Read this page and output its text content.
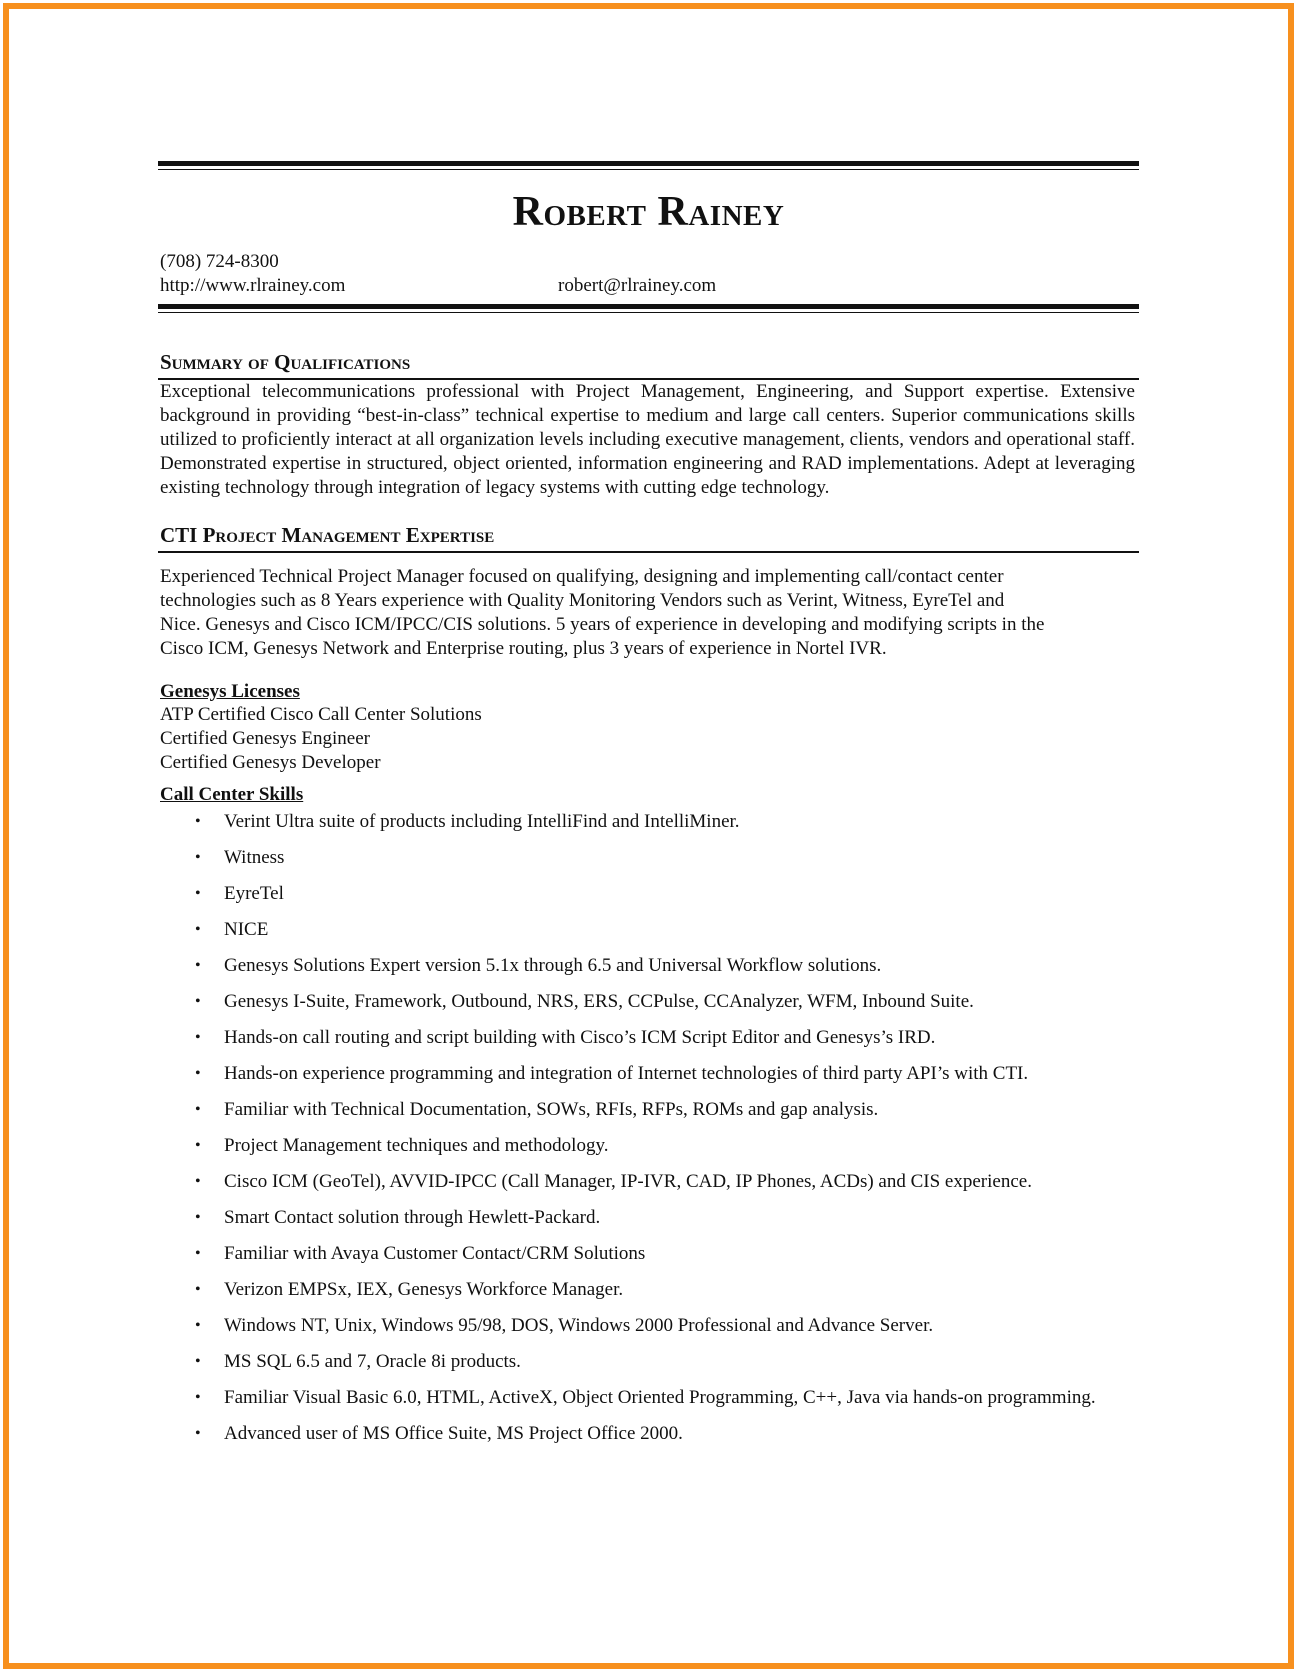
Robert Rainey
(708) 724-8300
http://www.rlrainey.com	robert@rlrainey.com
Summary of Qualifications
Exceptional telecommunications professional with Project Management, Engineering, and Support expertise. Extensive background in providing “best-in-class” technical expertise to medium and large call centers. Superior communications skills utilized to proficiently interact at all organization levels including executive management, clients, vendors and operational staff. Demonstrated expertise in structured, object oriented, information engineering and RAD implementations. Adept at leveraging existing technology through integration of legacy systems with cutting edge technology.
CTI Project Management Expertise
Experienced Technical Project Manager focused on qualifying, designing and implementing call/contact center
technologies such as 8 Years experience with Quality Monitoring Vendors such as Verint, Witness, EyreTel and
Nice. Genesys and Cisco ICM/IPCC/CIS solutions. 5 years of experience in developing and modifying scripts in the
Cisco ICM, Genesys Network and Enterprise routing, plus 3 years of experience in Nortel IVR.
Genesys Licenses
ATP Certified Cisco Call Center Solutions
Certified Genesys Engineer
Certified Genesys Developer
Call Center Skills
• Verint Ultra suite of products including IntelliFind and IntelliMiner.
• Witness
• EyreTel
• NICE
• Genesys Solutions Expert version 5.1x through 6.5 and Universal Workflow solutions.
• Genesys I-Suite, Framework, Outbound, NRS, ERS, CCPulse, CCAnalyzer, WFM, Inbound Suite.
• Hands-on call routing and script building with Cisco’s ICM Script Editor and Genesys’s IRD.
• Hands-on experience programming and integration of Internet technologies of third party API’s with CTI.
• Familiar with Technical Documentation, SOWs, RFIs, RFPs, ROMs and gap analysis.
• Project Management techniques and methodology.
• Cisco ICM (GeoTel), AVVID-IPCC (Call Manager, IP-IVR, CAD, IP Phones, ACDs) and CIS experience.
• Smart Contact solution through Hewlett-Packard.
• Familiar with Avaya Customer Contact/CRM Solutions
• Verizon EMPSx, IEX, Genesys Workforce Manager.
• Windows NT, Unix, Windows 95/98, DOS, Windows 2000 Professional and Advance Server.
• MS SQL 6.5 and 7, Oracle 8i products.
• Familiar Visual Basic 6.0, HTML, ActiveX, Object Oriented Programming, C++, Java via hands-on programming.
• Advanced user of MS Office Suite, MS Project Office 2000.
